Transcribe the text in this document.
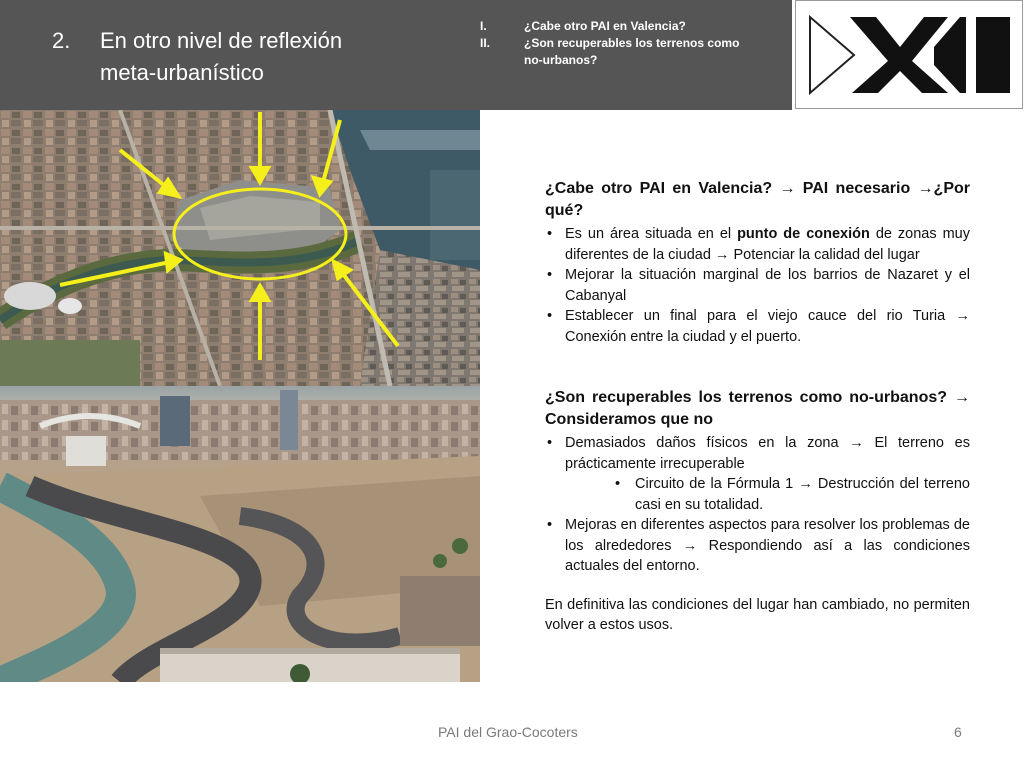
2. En otro nivel de reflexión
meta-urbanístico
I.	¿Cabe otro PAI en Valencia?
II.	¿Son recuperables los terrenos como no-urbanos?
¿Cabe otro PAI en Valencia? → PAI necesario →¿Por qué?
• Es un área situada en el punto de conexión de zonas muy diferentes de la ciudad → Potenciar la calidad del lugar
• Mejorar la situación marginal de los barrios de Nazaret y el Cabanyal
• Establecer un final para el viejo cauce del rio Turia → Conexión entre la ciudad y el puerto.
¿Son recuperables los terrenos como no-urbanos? → Consideramos que no
• Demasiados daños físicos en la zona → El terreno es prácticamente irrecuperable
• Circuito de la Fórmula 1 → Destrucción del terreno casi en su totalidad.
• Mejoras en diferentes aspectos para resolver los problemas de los alrededores → Respondiendo así a las condiciones actuales del entorno.
En definitiva las condiciones del lugar han cambiado, no permiten volver a estos usos.
PAI del Grao-Cocoters	6
